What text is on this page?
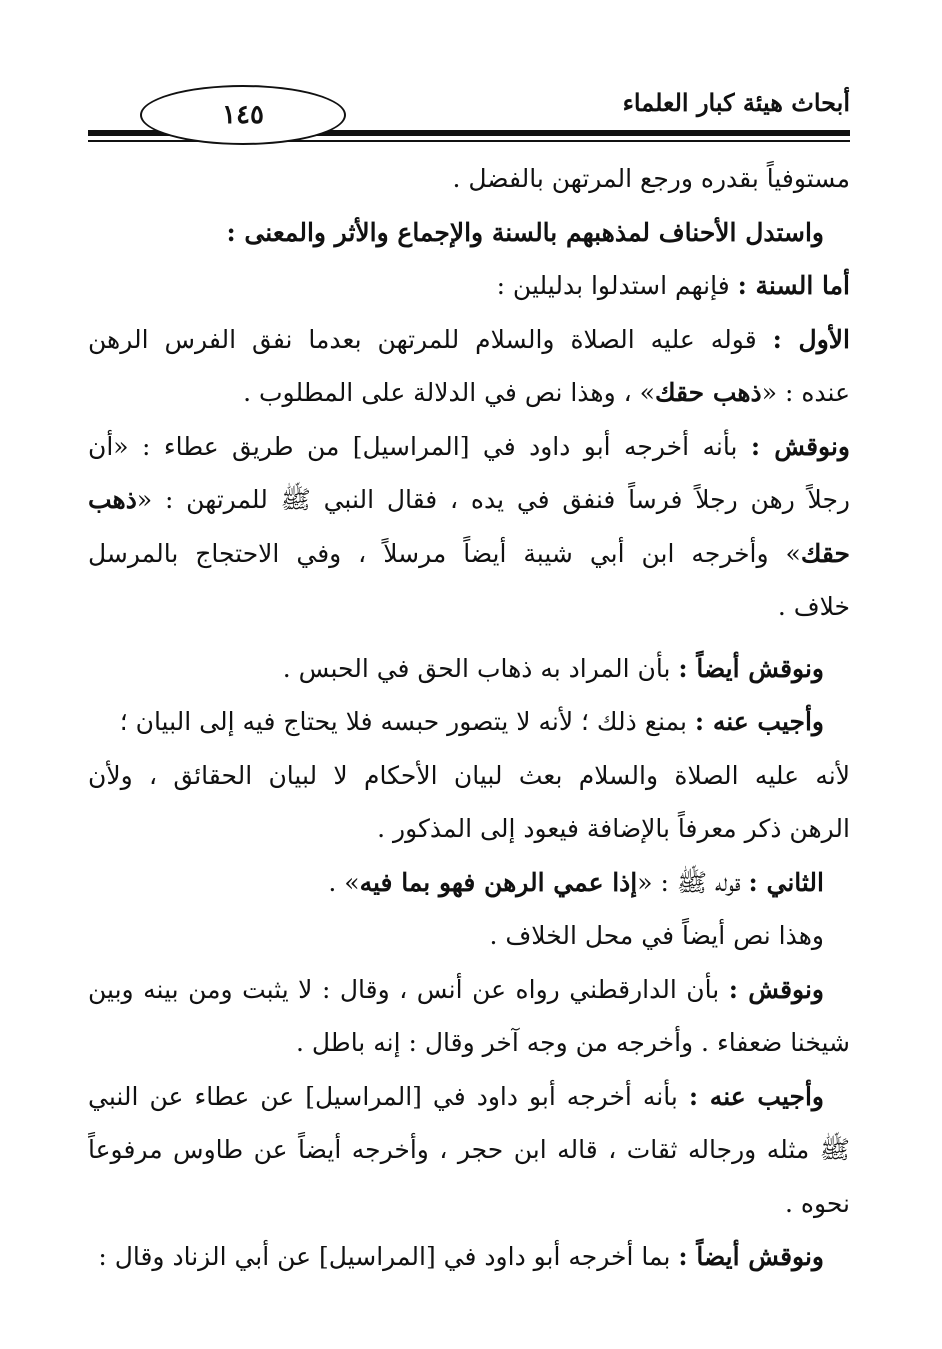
١٤٥	أبحاث هيئة كبار العلماء
مستوفياً بقدره ورجع المرتهن بالفضل .
واستدل الأحناف لمذهبهم بالسنة والإجماع والأثر والمعنى :
أما السنة : فإنهم استدلوا بدليلين :
الأول : قوله عليه الصلاة والسلام للمرتهن بعدما نفق الفرس الرهن
عنده : «ذهب حقك» ، وهذا نص في الدلالة على المطلوب .
ونوقش : بأنه أخرجه أبو داود في [المراسيل] من طريق عطاء : «أن
رجلاً رهن رجلاً فرساً فنفق في يده ، فقال النبي ﷺ للمرتهن : «ذهب
حقك» وأخرجه ابن أبي شيبة أيضاً مرسلاً ، وفي الاحتجاج بالمرسل
خلاف .
ونوقش أيضاً : بأن المراد به ذهاب الحق في الحبس .
وأجيب عنه : بمنع ذلك ؛ لأنه لا يتصور حبسه فلا يحتاج فيه إلى البيان ؛
لأنه عليه الصلاة والسلام بعث لبيان الأحكام لا لبيان الحقائق ، ولأن
الرهن ذكر معرفاً بالإضافة فيعود إلى المذكور .
الثاني : قوله ﷺ : «إذا عمي الرهن فهو بما فيه» .
وهذا نص أيضاً في محل الخلاف .
ونوقش : بأن الدارقطني رواه عن أنس ، وقال : لا يثبت ومن بينه وبين
شيخنا ضعفاء . وأخرجه من وجه آخر وقال : إنه باطل .
وأجيب عنه : بأنه أخرجه أبو داود في [المراسيل] عن عطاء عن النبي
ﷺ مثله ورجاله ثقات ، قاله ابن حجر ، وأخرجه أيضاً عن طاوس مرفوعاً
نحوه .
ونوقش أيضاً : بما أخرجه أبو داود في [المراسيل] عن أبي الزناد وقال :
